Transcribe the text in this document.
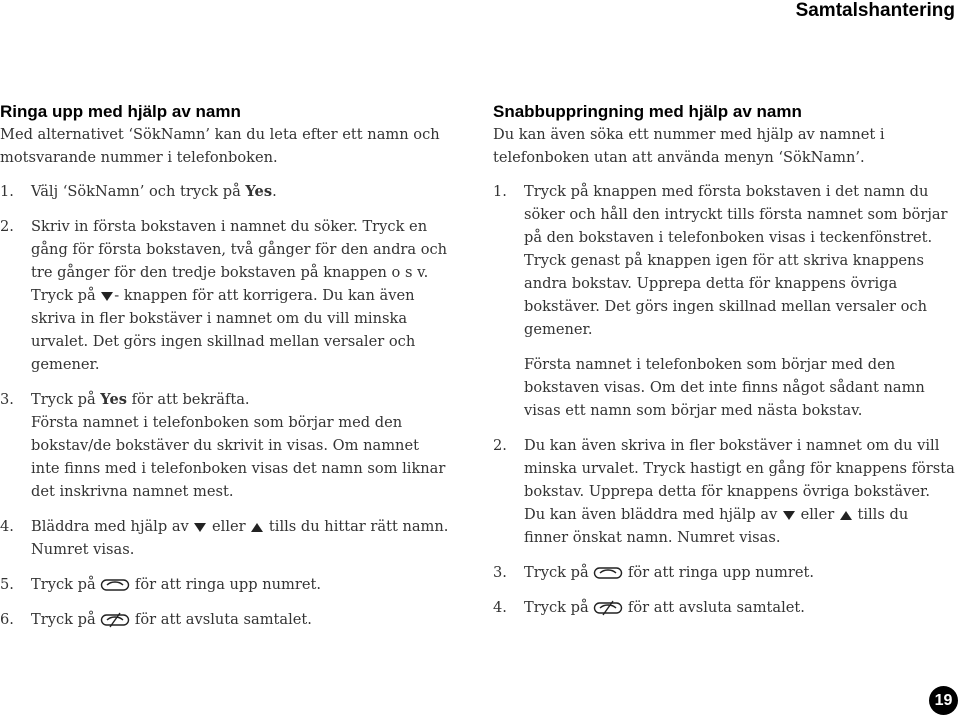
Samtalshantering
Ringa upp med hjälp av namn

Med alternativet ‘SökNamn’ kan du leta efter ett namn och motsvarande nummer i telefonboken.

1. Välj ‘SökNamn’ och tryck på Yes.
2. Skriv in första bokstaven i namnet du söker. Tryck en gång för första bokstaven, två gånger för den andra och tre gånger för den tredje bokstaven på knappen o s v. Tryck på - knappen för att korrigera. Du kan även skriva in fler bokstäver i namnet om du vill minska urvalet. Det görs ingen skillnad mellan versaler och gemener.
3. Tryck på Yes för att bekräfta.

Första namnet i telefonboken som börjar med den bokstav/de bokstäver du skrivit in visas. Om namnet inte finns med i telefonboken visas det namn som liknar det inskrivna namnet mest.

4. Bläddra med hjälp av  eller  tills du hittar rätt namn. Numret visas.
5. Tryck på  för att ringa upp numret.
6. Tryck på  för att avsluta samtalet.
Snabbuppringning med hjälp av namn

Du kan även söka ett nummer med hjälp av namnet i telefonboken utan att använda menyn ‘SökNamn’.

1. Tryck på knappen med första bokstaven i det namn du söker och håll den intryckt tills första namnet som börjar på den bokstaven i telefonboken visas i teckenfönstret. Tryck genast på knappen igen för att skriva knappens andra bokstav. Upprepa detta för knappens övriga bokstäver. Det görs ingen skillnad mellan versaler och gemener.

Första namnet i telefonboken som börjar med den bokstaven visas. Om det inte finns något sådant namn visas ett namn som börjar med nästa bokstav.

2. Du kan även skriva in fler bokstäver i namnet om du vill minska urvalet. Tryck hastigt en gång för knappens första bokstav. Upprepa detta för knappens övriga bokstäver. Du kan även bläddra med hjälp av  eller  tills du finner önskat namn. Numret visas.
3. Tryck på  för att ringa upp numret.
4. Tryck på  för att avsluta samtalet.
19
